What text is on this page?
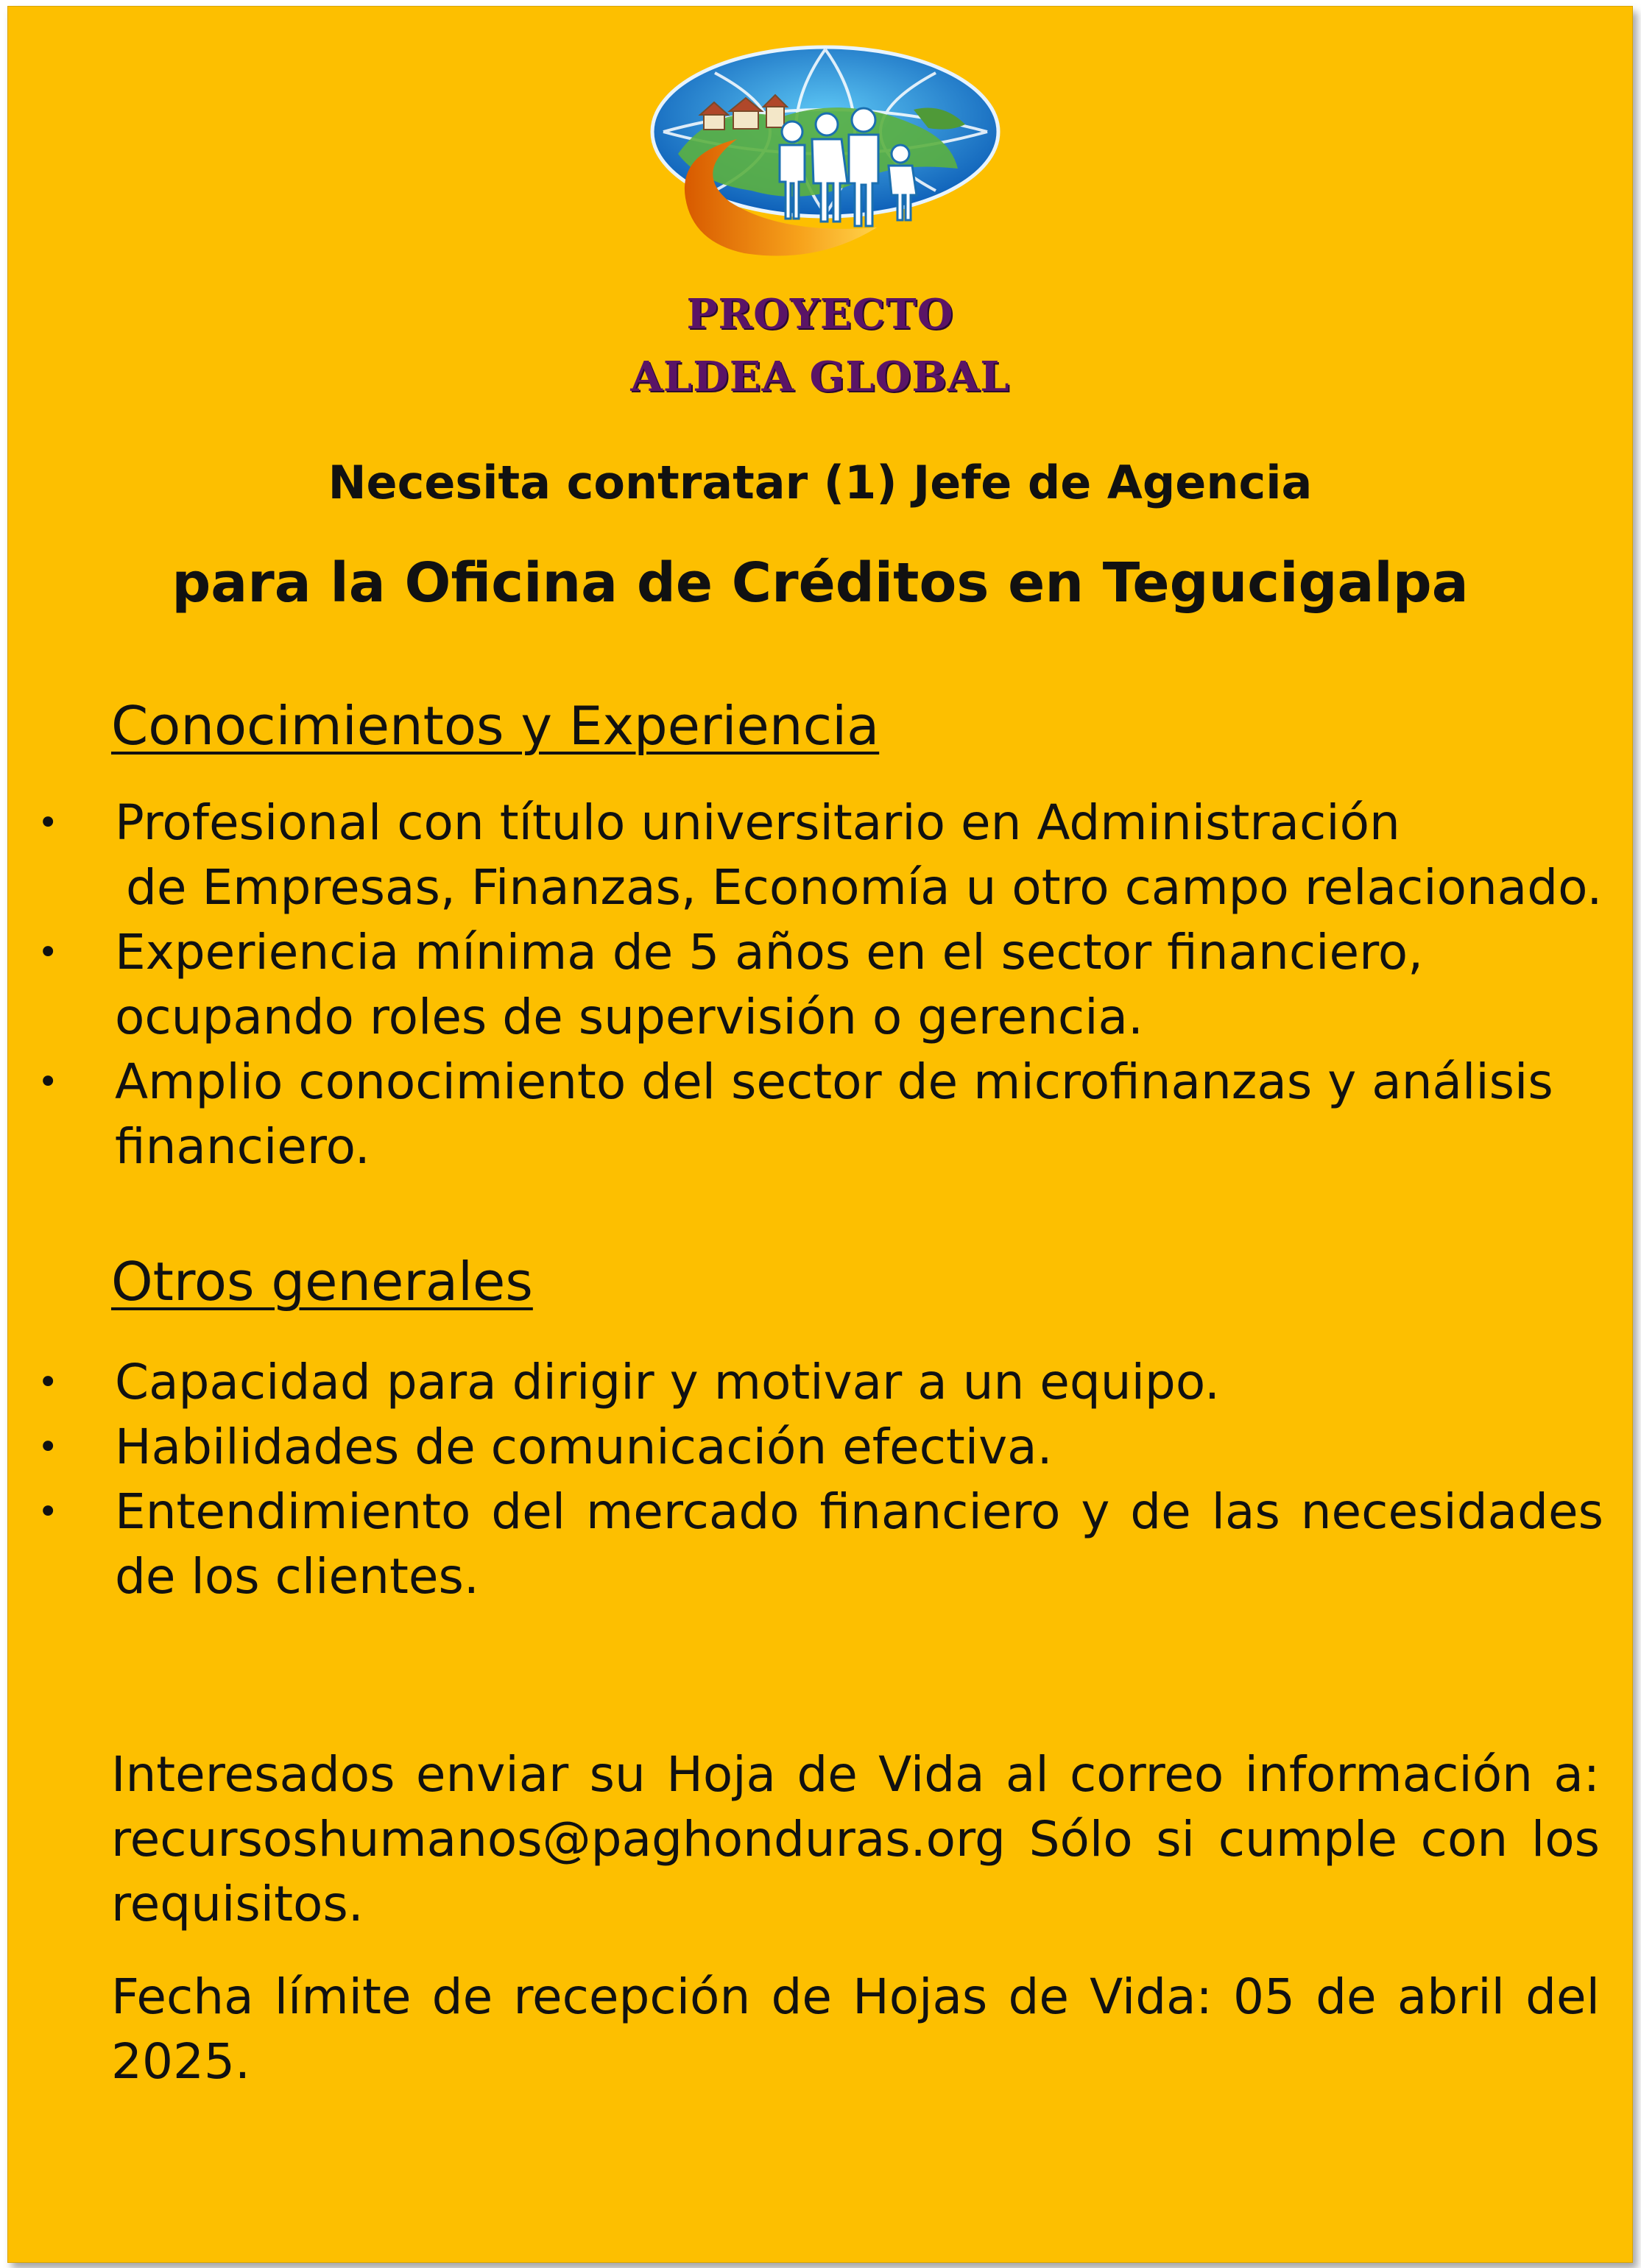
PROYECTO
ALDEA GLOBAL
Necesita contratar (1) Jefe de Agencia
para la Oficina de Créditos en Tegucigalpa
Conocimientos y Experiencia
• Profesional con título universitario en Administración
de Empresas, Finanzas, Economía u otro campo relacionado.
• Experiencia mínima de 5 años en el sector financiero,
ocupando roles de supervisión o gerencia.
• Amplio conocimiento del sector de microfinanzas y análisis
financiero.
Otros generales
• Capacidad para dirigir y motivar a un equipo.
• Habilidades de comunicación efectiva.
• Entendimiento del mercado financiero y de las necesidades
de los clientes.
Interesados enviar su Hoja de Vida al correo información a:
recursoshumanos@paghonduras.org Sólo si cumple con los
requisitos.
Fecha límite de recepción de Hojas de Vida: 05 de abril del
2025.
